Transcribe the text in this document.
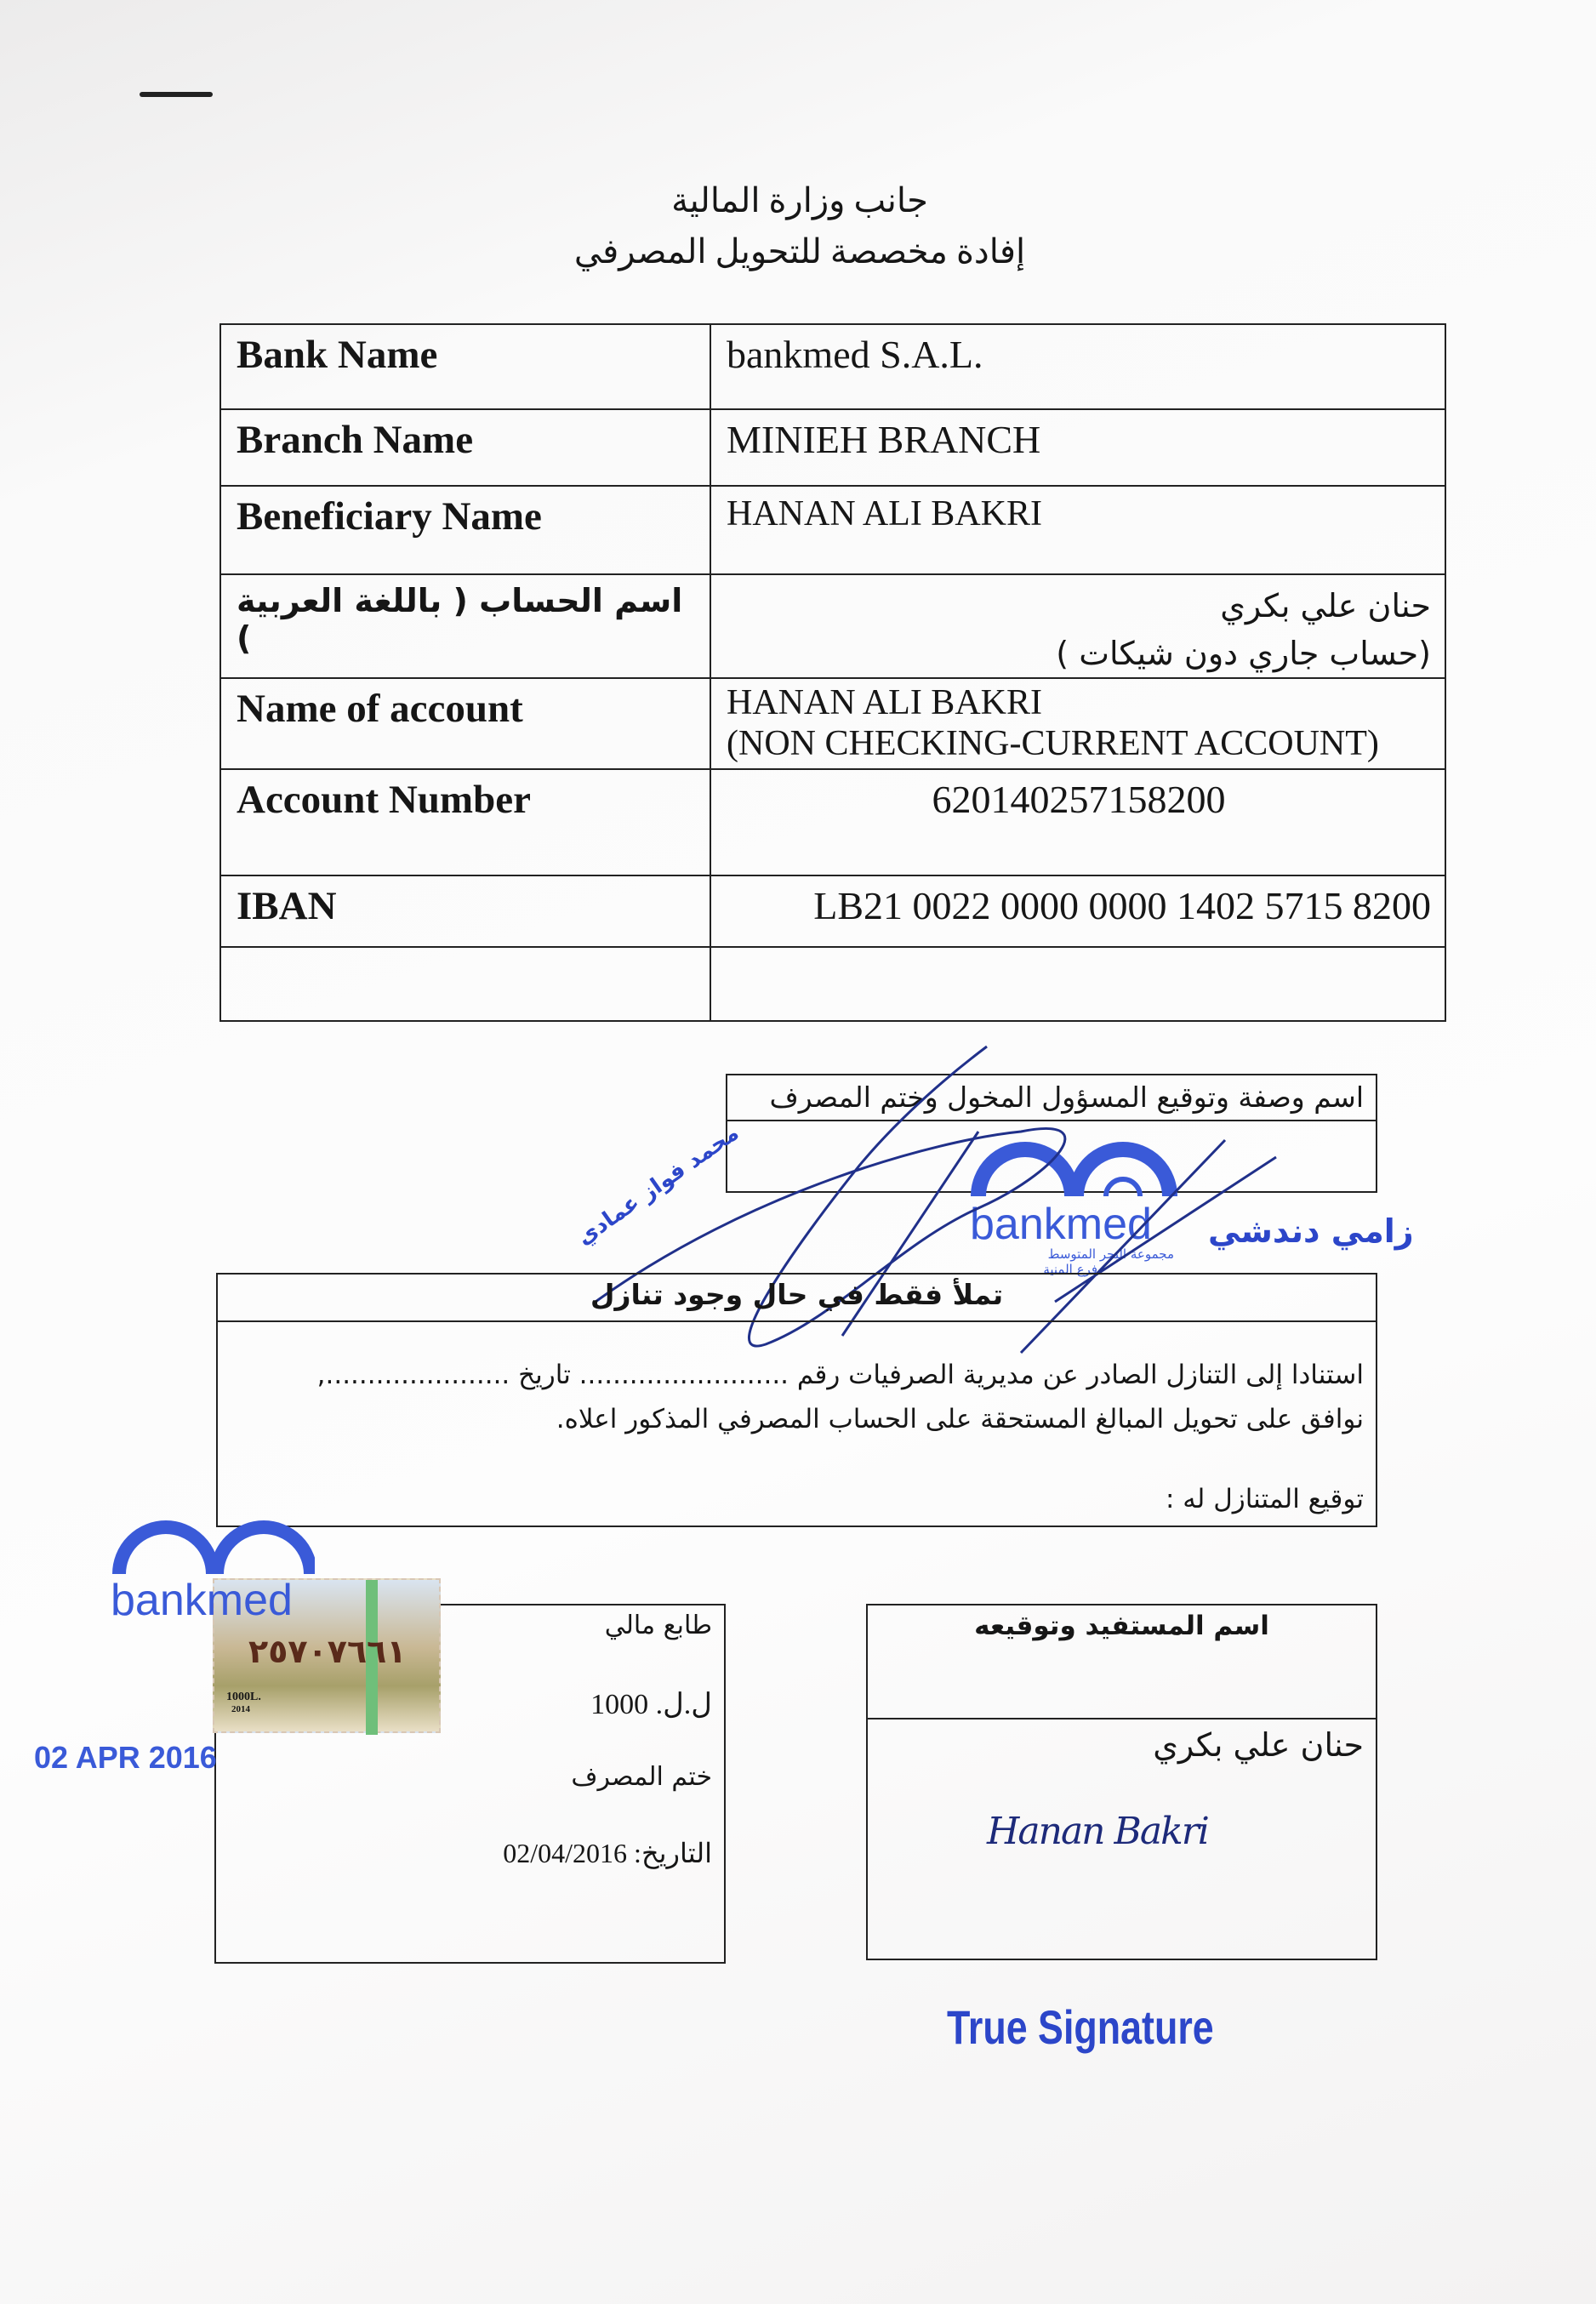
جانب وزارة المالية
إفادة مخصصة للتحويل المصرفي
Bank Name	bankmed S.A.L.
Branch Name	MINIEH BRANCH
Beneficiary Name	HANAN ALI BAKRI
اسم الحساب ( باللغة العربية )	حنان علي بكري
(حساب جاري دون شيكات )

Name of account	HANAN ALI BAKRI
(NON CHECKING-CURRENT ACCOUNT)

Account Number	620140257158200
IBAN	LB21 0022 0000 0000 1402 5715 8200

اسم وصفة وتوقيع المسؤول المخول وختم المصرف
bankmed
مجموعة البحر المتوسط
فرع المنية
زامي دندشي
محمد فواز عمادي
تملأ فقط في حال وجود تنازل
استنادا إلى التنازل الصادر عن مديرية الصرفيات رقم ......................... تاريخ ......................,
نوافق على تحويل المبالغ المستحقة على الحساب المصرفي المذكور اعلاه.
توقيع المتنازل له :
طابع مالي
ل.ل. 1000
ختم المصرف
التاريخ: 02/04/2016
٢٥٧٠٧٦٦١
1000L.
2014
bankmed
02 APR 2016
اسم المستفيد وتوقيعه
حنان علي بكري
Hanan Bakri
True Signature
